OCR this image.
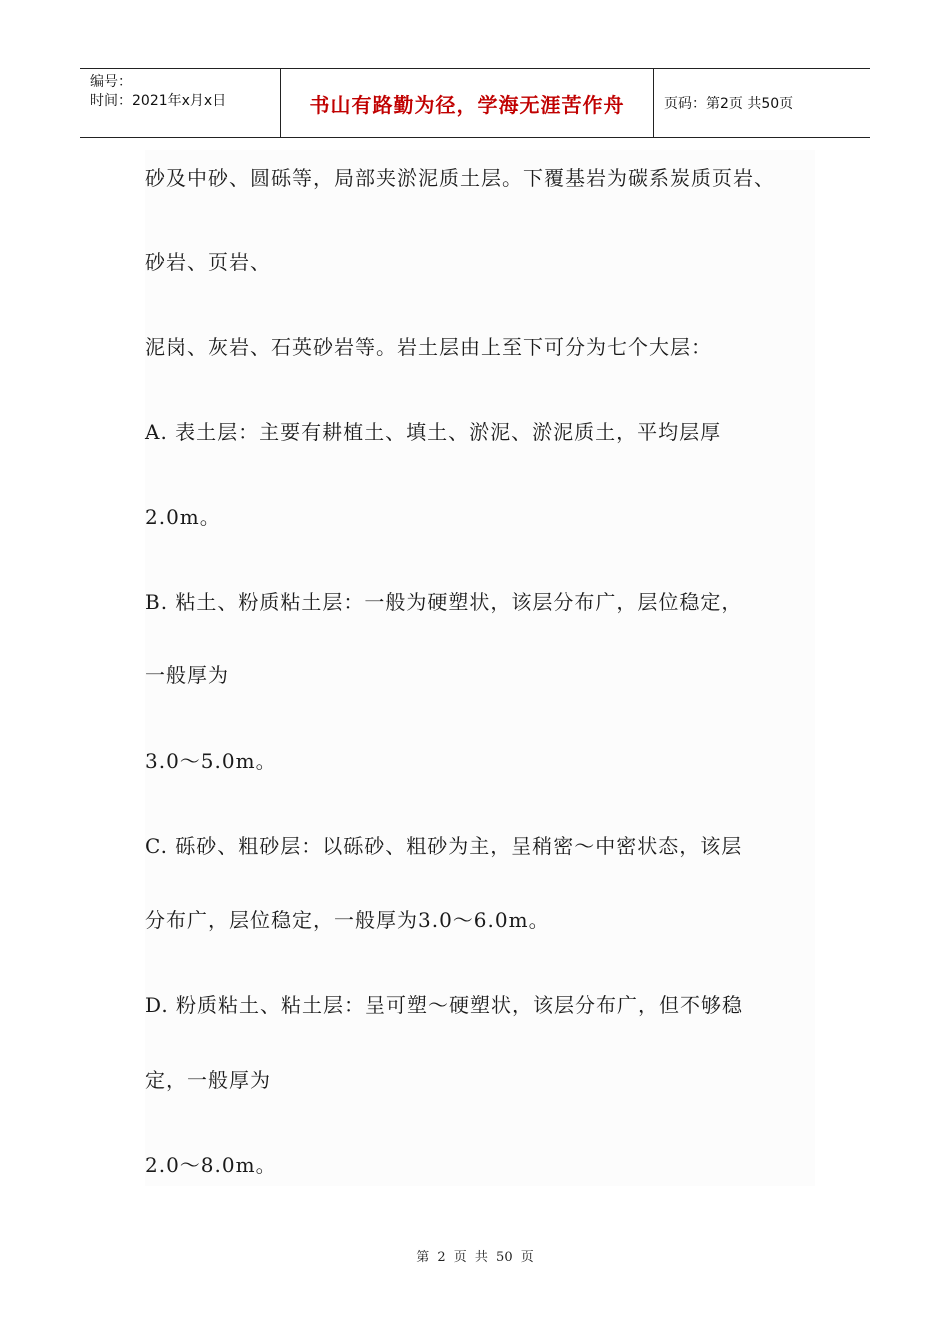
编号：
时间：2021年x月x日	书山有路勤为径，学海无涯苦作舟	页码：第2页 共50页
砂及中砂、圆砾等，局部夹淤泥质土层。下覆基岩为碳系炭质页岩、
砂岩、页岩、
泥岗、灰岩、石英砂岩等。岩土层由上至下可分为七个大层：
A. 表土层：主要有耕植土、填土、淤泥、淤泥质土，平均层厚
2.0m。
B. 粘土、粉质粘土层：一般为硬塑状，该层分布广，层位稳定，
一般厚为
3.0～5.0m。
C. 砾砂、粗砂层：以砾砂、粗砂为主，呈稍密～中密状态，该层
分布广，层位稳定，一般厚为3.0～6.0m。
D. 粉质粘土、粘土层：呈可塑～硬塑状，该层分布广，但不够稳
定，一般厚为
2.0～8.0m。
第 2 页 共 50 页
